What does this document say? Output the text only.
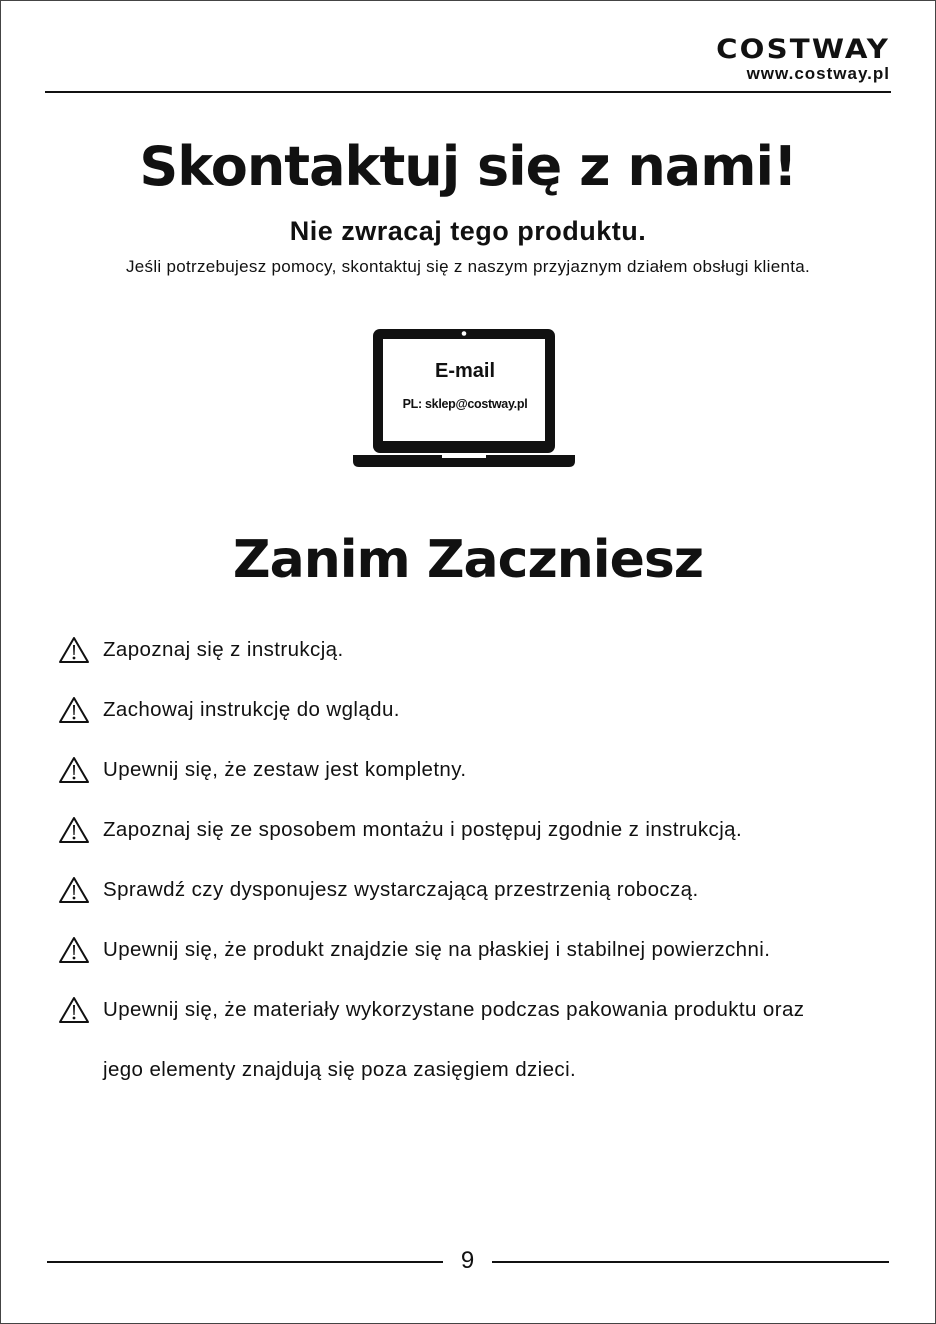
COSTWAY
www.costway.pl
Skontaktuj się z nami!
Nie zwracaj tego produktu.
Jeśli potrzebujesz pomocy, skontaktuj się z naszym przyjaznym działem obsługi klienta.
E-mail
PL: sklep@costway.pl
Zanim Zaczniesz
Zapoznaj się z instrukcją.
Zachowaj instrukcję do wglądu.
Upewnij się, że zestaw jest kompletny.
Zapoznaj się ze sposobem montażu i postępuj zgodnie z instrukcją.
Sprawdź czy dysponujesz wystarczającą przestrzenią roboczą.
Upewnij się, że produkt znajdzie się na płaskiej i stabilnej powierzchni.
Upewnij się, że materiały wykorzystane podczas pakowania produktu oraz
jego elementy znajdują się poza zasięgiem dzieci.
9
